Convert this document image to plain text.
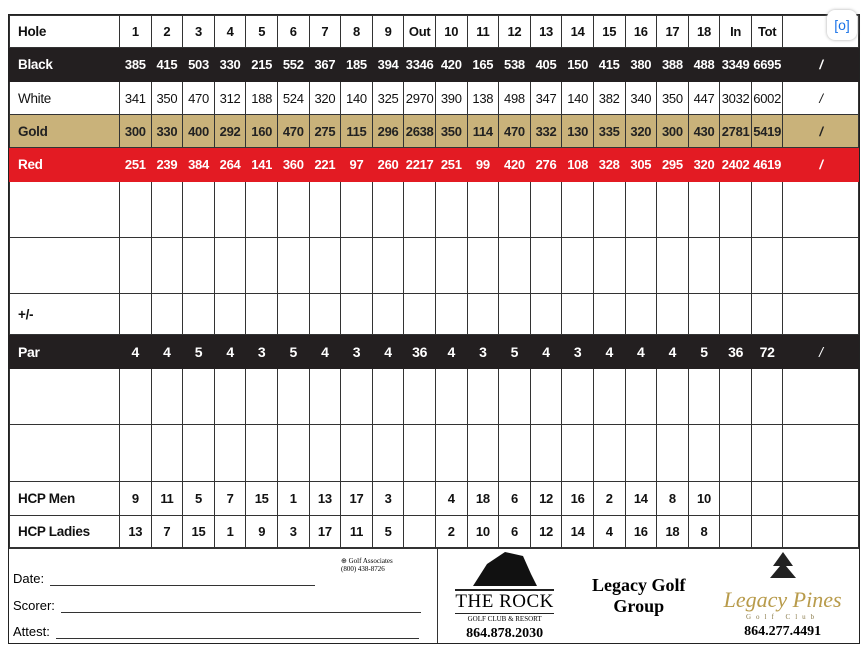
Hole	1	2	3	4	5	6	7	8	9	Out	10	11	12	13	14	15	16	17	18	In	Tot	
Black	385	415	503	330	215	552	367	185	394	3346	420	165	538	405	150	415	380	388	488	3349	6695	/
White	341	350	470	312	188	524	320	140	325	2970	390	138	498	347	140	382	340	350	447	3032	6002	/
Gold	300	330	400	292	160	470	275	115	296	2638	350	114	470	332	130	335	320	300	430	2781	5419	/
Red	251	239	384	264	141	360	221	97	260	2217	251	99	420	276	108	328	305	295	320	2402	4619	/

+/-																						
Par	4	4	5	4	3	5	4	3	4	36	4	3	5	4	3	4	4	4	5	36	72	/

HCP Men	9	11	5	7	15	1	13	17	3		4	18	6	12	16	2	14	8	10			
HCP Ladies	13	7	15	1	9	3	17	11	5		2	10	6	12	14	4	16	18	8			
⊕ Golf Associates
(800) 438-8726
Date:
Scorer:
Attest:
THE ROCK
GOLF CLUB & RESORT
864.878.2030
Legacy Golf Group	Legacy Pines
Golf Club
864.277.4491
[o]
